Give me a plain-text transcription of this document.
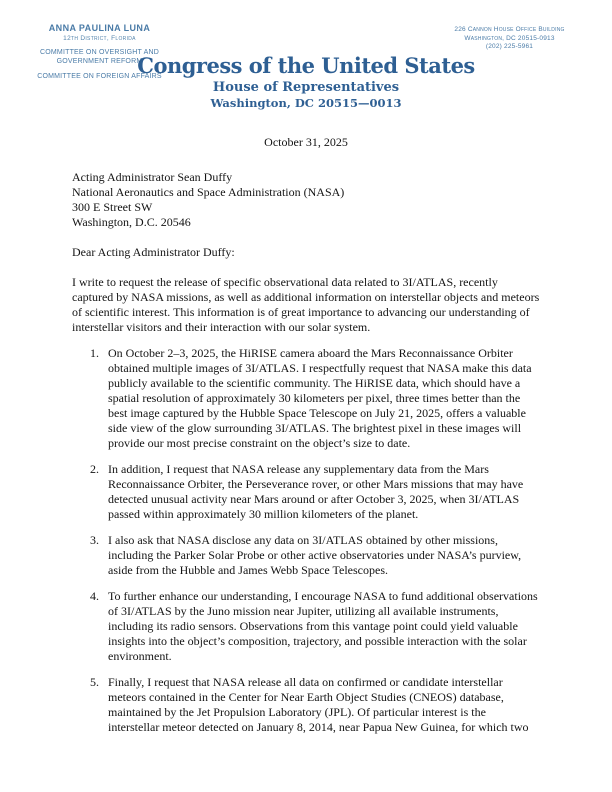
ANNA PAULINA LUNA
12th District, Florida
COMMITTEE ON OVERSIGHT AND
GOVERNMENT REFORM
COMMITTEE ON FOREIGN AFFAIRS
Congress of the United States
House of Representatives
Washington, DC 20515—0013
226 Cannon House Office Building
Washington, DC 20515-0913
(202) 225-5961
October 31, 2025
Acting Administrator Sean Duffy
National Aeronautics and Space Administration (NASA)
300 E Street SW
Washington, D.C. 20546
Dear Acting Administrator Duffy:
I write to request the release of specific observational data related to 3I/ATLAS, recently captured by NASA missions, as well as additional information on interstellar objects and meteors of scientific interest. This information is of great importance to advancing our understanding of interstellar visitors and their interaction with our solar system.
1. On October 2–3, 2025, the HiRISE camera aboard the Mars Reconnaissance Orbiter obtained multiple images of 3I/ATLAS. I respectfully request that NASA make this data publicly available to the scientific community. The HiRISE data, which should have a spatial resolution of approximately 30 kilometers per pixel, three times better than the best image captured by the Hubble Space Telescope on July 21, 2025, offers a valuable side view of the glow surrounding 3I/ATLAS. The brightest pixel in these images will provide our most precise constraint on the object’s size to date.
2. In addition, I request that NASA release any supplementary data from the Mars Reconnaissance Orbiter, the Perseverance rover, or other Mars missions that may have detected unusual activity near Mars around or after October 3, 2025, when 3I/ATLAS passed within approximately 30 million kilometers of the planet.
3. I also ask that NASA disclose any data on 3I/ATLAS obtained by other missions, including the Parker Solar Probe or other active observatories under NASA’s purview, aside from the Hubble and James Webb Space Telescopes.
4. To further enhance our understanding, I encourage NASA to fund additional observations of 3I/ATLAS by the Juno mission near Jupiter, utilizing all available instruments, including its radio sensors. Observations from this vantage point could yield valuable insights into the object’s composition, trajectory, and possible interaction with the solar environment.
5. Finally, I request that NASA release all data on confirmed or candidate interstellar meteors contained in the Center for Near Earth Object Studies (CNEOS) database, maintained by the Jet Propulsion Laboratory (JPL). Of particular interest is the interstellar meteor detected on January 8, 2014, near Papua New Guinea, for which two
